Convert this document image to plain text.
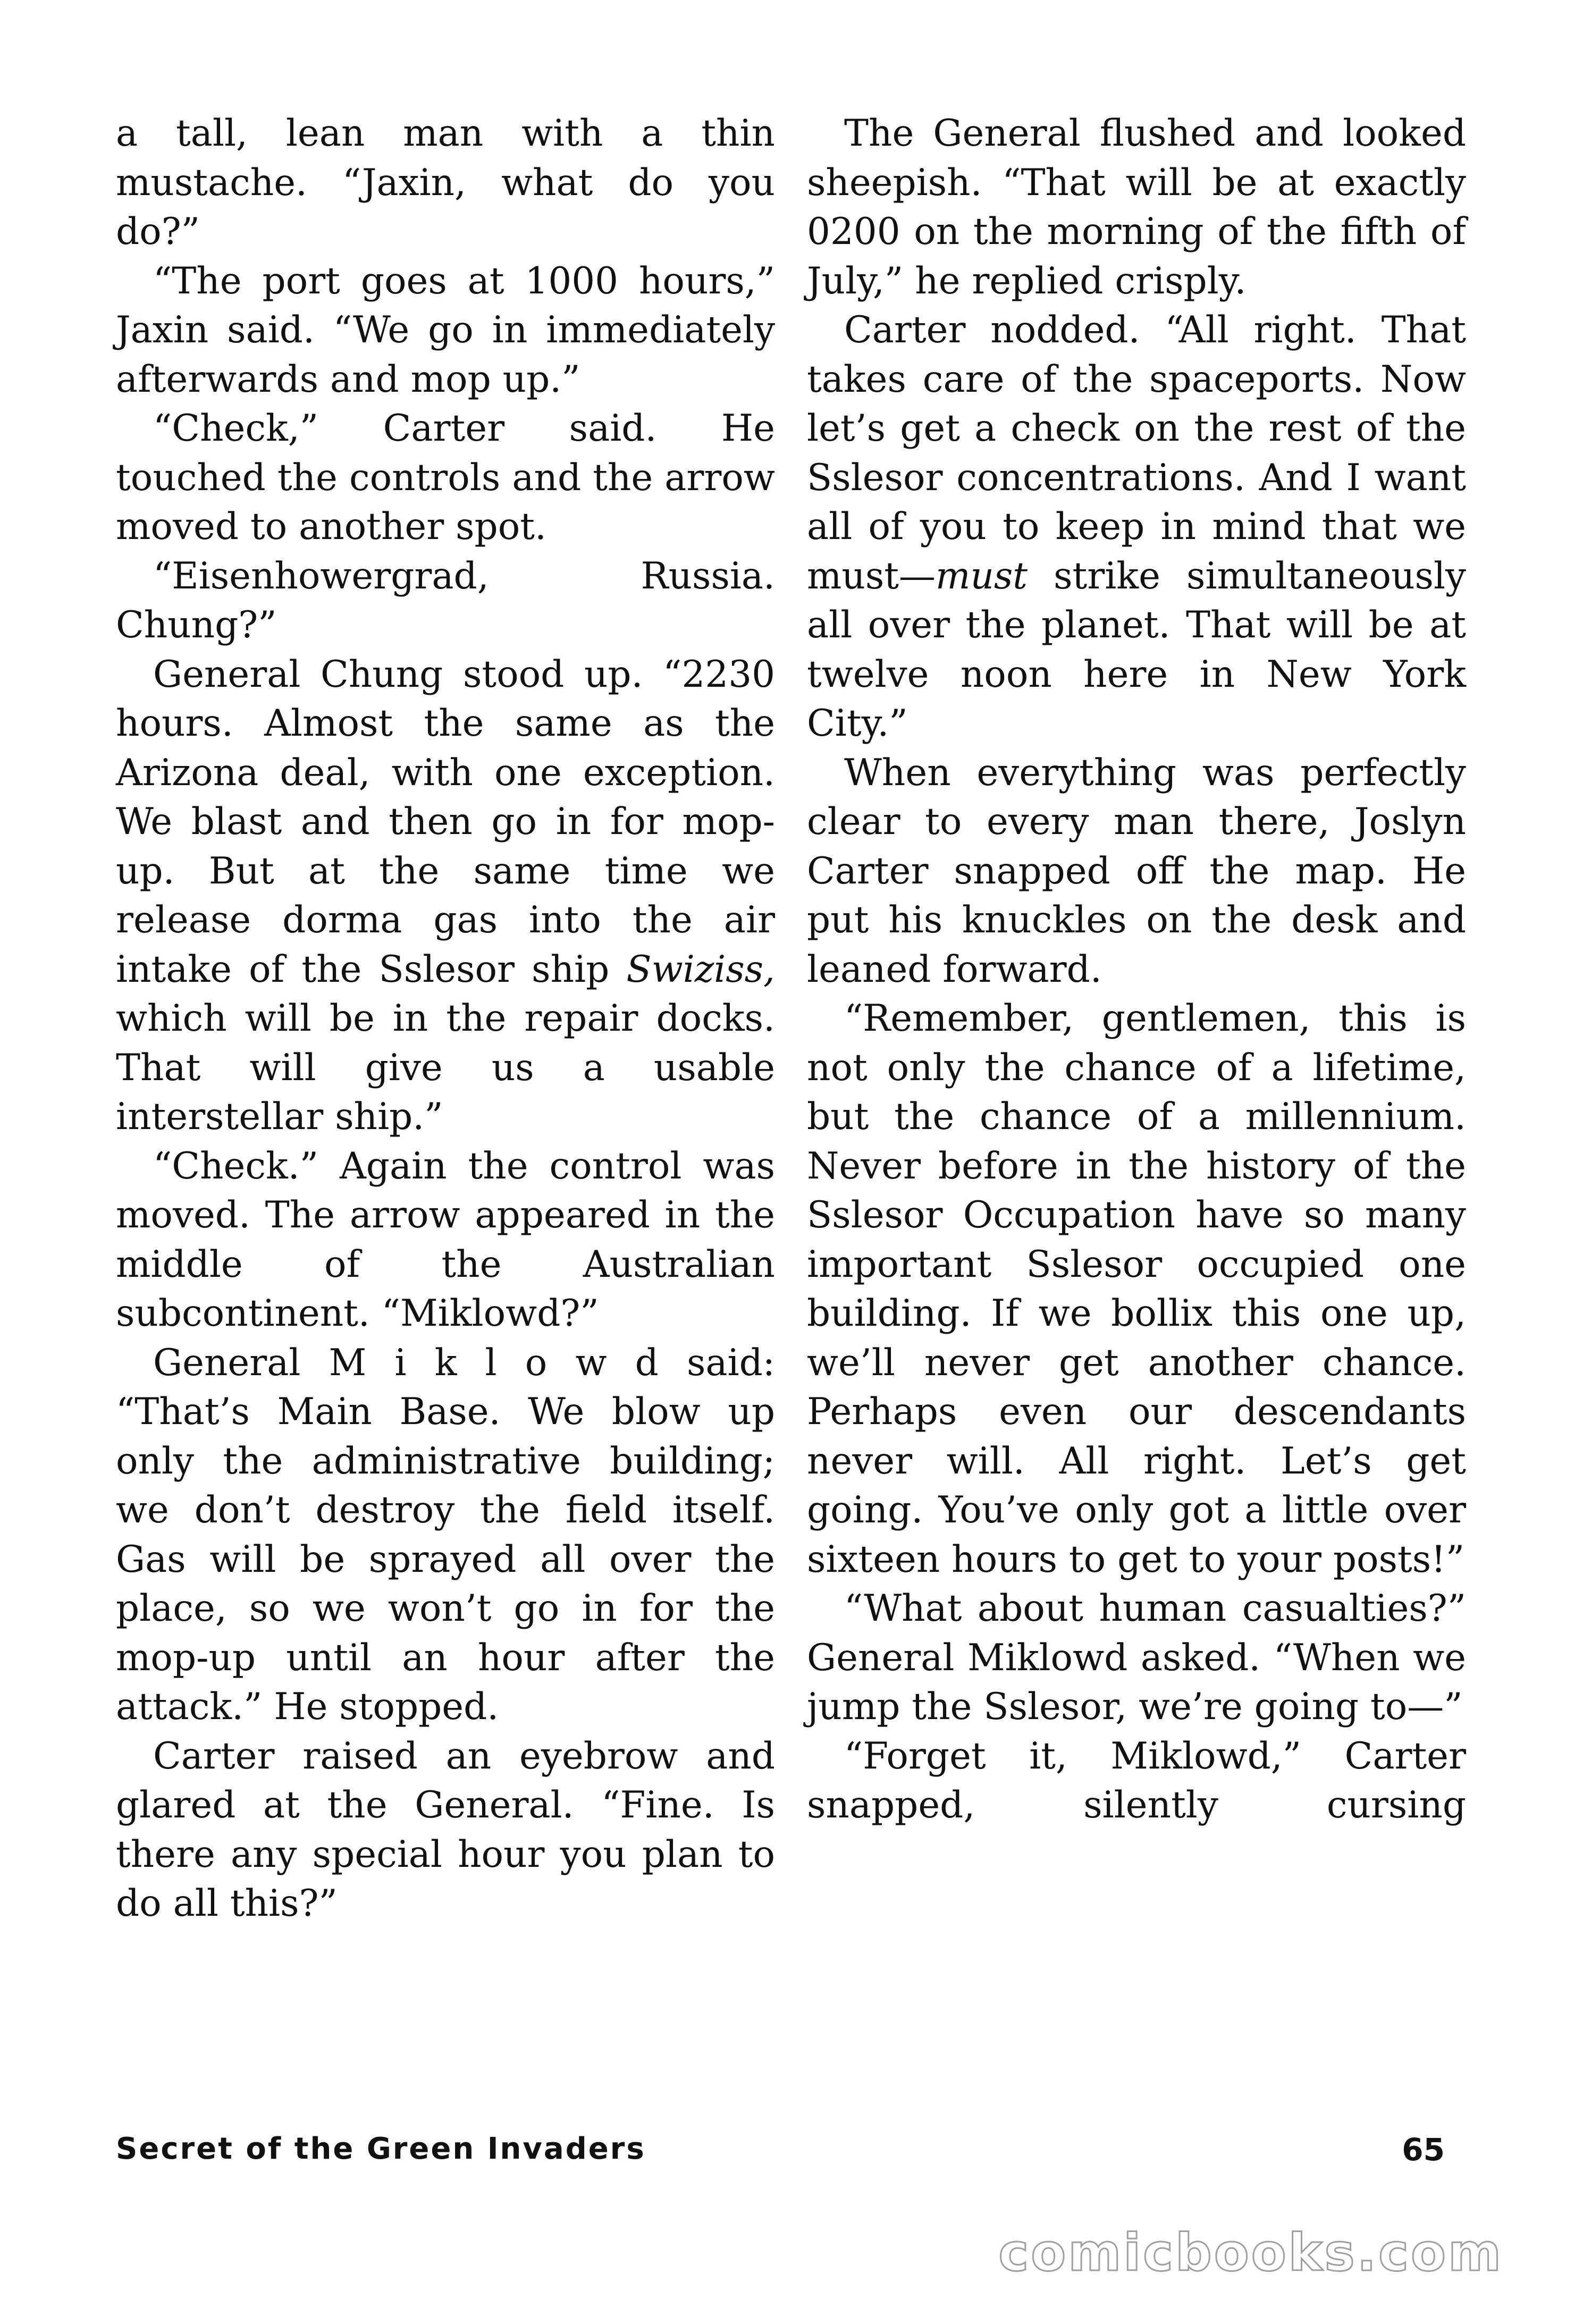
a tall, lean man with a thin mustache. “Jaxin, what do you do?”

“The port goes at 1000 hours,” Jaxin said. “We go in immediately afterwards and mop up.”

“Check,” Carter said. He touched the controls and the arrow moved to another spot.

“Eisenhowergrad, Russia. Chung?”

General Chung stood up. “2230 hours. Almost the same as the Arizona deal, with one exception. We blast and then go in for mop-up. But at the same time we release dorma gas into the air intake of the Sslesor ship Swiziss, which will be in the repair docks. That will give us a usable interstellar ship.”

“Check.” Again the control was moved. The arrow appeared in the middle of the Australian subcontinent. “Miklowd?”

General M i k l o w d said: “That’s Main Base. We blow up only the administrative building; we don’t destroy the field itself. Gas will be sprayed all over the place, so we won’t go in for the mop-up until an hour after the attack.” He stopped.

Carter raised an eyebrow and glared at the General. “Fine. Is there any special hour you plan to do all this?”

The General flushed and looked sheepish. “That will be at exactly 0200 on the morning of the fifth of July,” he replied crisply.

Carter nodded. “All right. That takes care of the spaceports. Now let’s get a check on the rest of the Sslesor concentrations. And I want all of you to keep in mind that we must—must strike simultaneously all over the planet. That will be at twelve noon here in New York City.”

When everything was perfectly clear to every man there, Joslyn Carter snapped off the map. He put his knuckles on the desk and leaned forward.

“Remember, gentlemen, this is not only the chance of a lifetime, but the chance of a millennium. Never before in the history of the Sslesor Occupation have so many important Sslesor occupied one building. If we bollix this one up, we’ll never get another chance. Perhaps even our descendants never will. All right. Let’s get going. You’ve only got a little over sixteen hours to get to your posts!”

“What about human casualties?” General Miklowd asked. “When we jump the Sslesor, we’re going to—”

“Forget it, Miklowd,” Carter snapped, silently cursing

Secret of the Green Invaders	65
comicbooks.com
